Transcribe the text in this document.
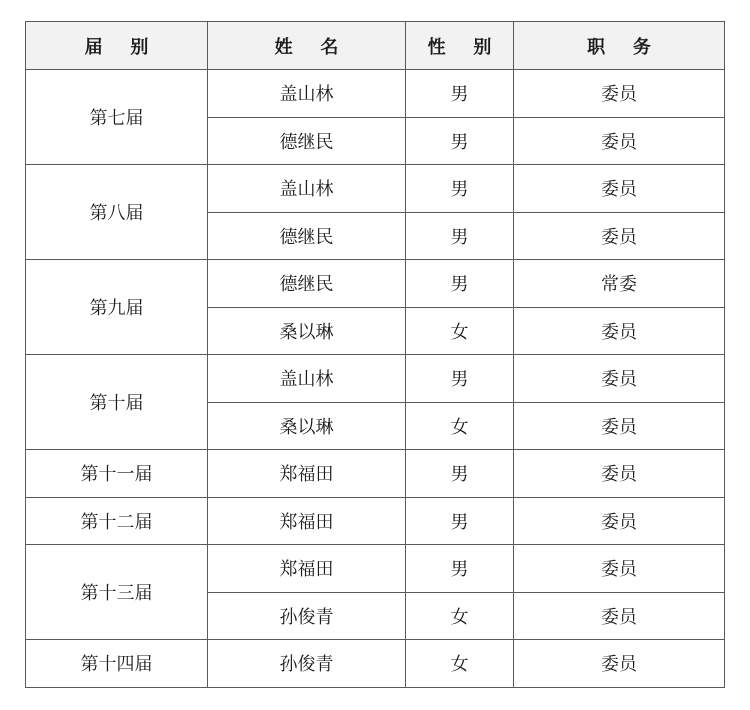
届 别	姓 名	性 别	职 务
第七届	盖山林	男	委员
	德继民	男	委员
第八届	盖山林	男	委员
	德继民	男	委员
第九届	德继民	男	常委
	桑以琳	女	委员
第十届	盖山林	男	委员
	桑以琳	女	委员
第十一届	郑福田	男	委员
第十二届	郑福田	男	委员
第十三届	郑福田	男	委员
	孙俊青	女	委员
第十四届	孙俊青	女	委员
